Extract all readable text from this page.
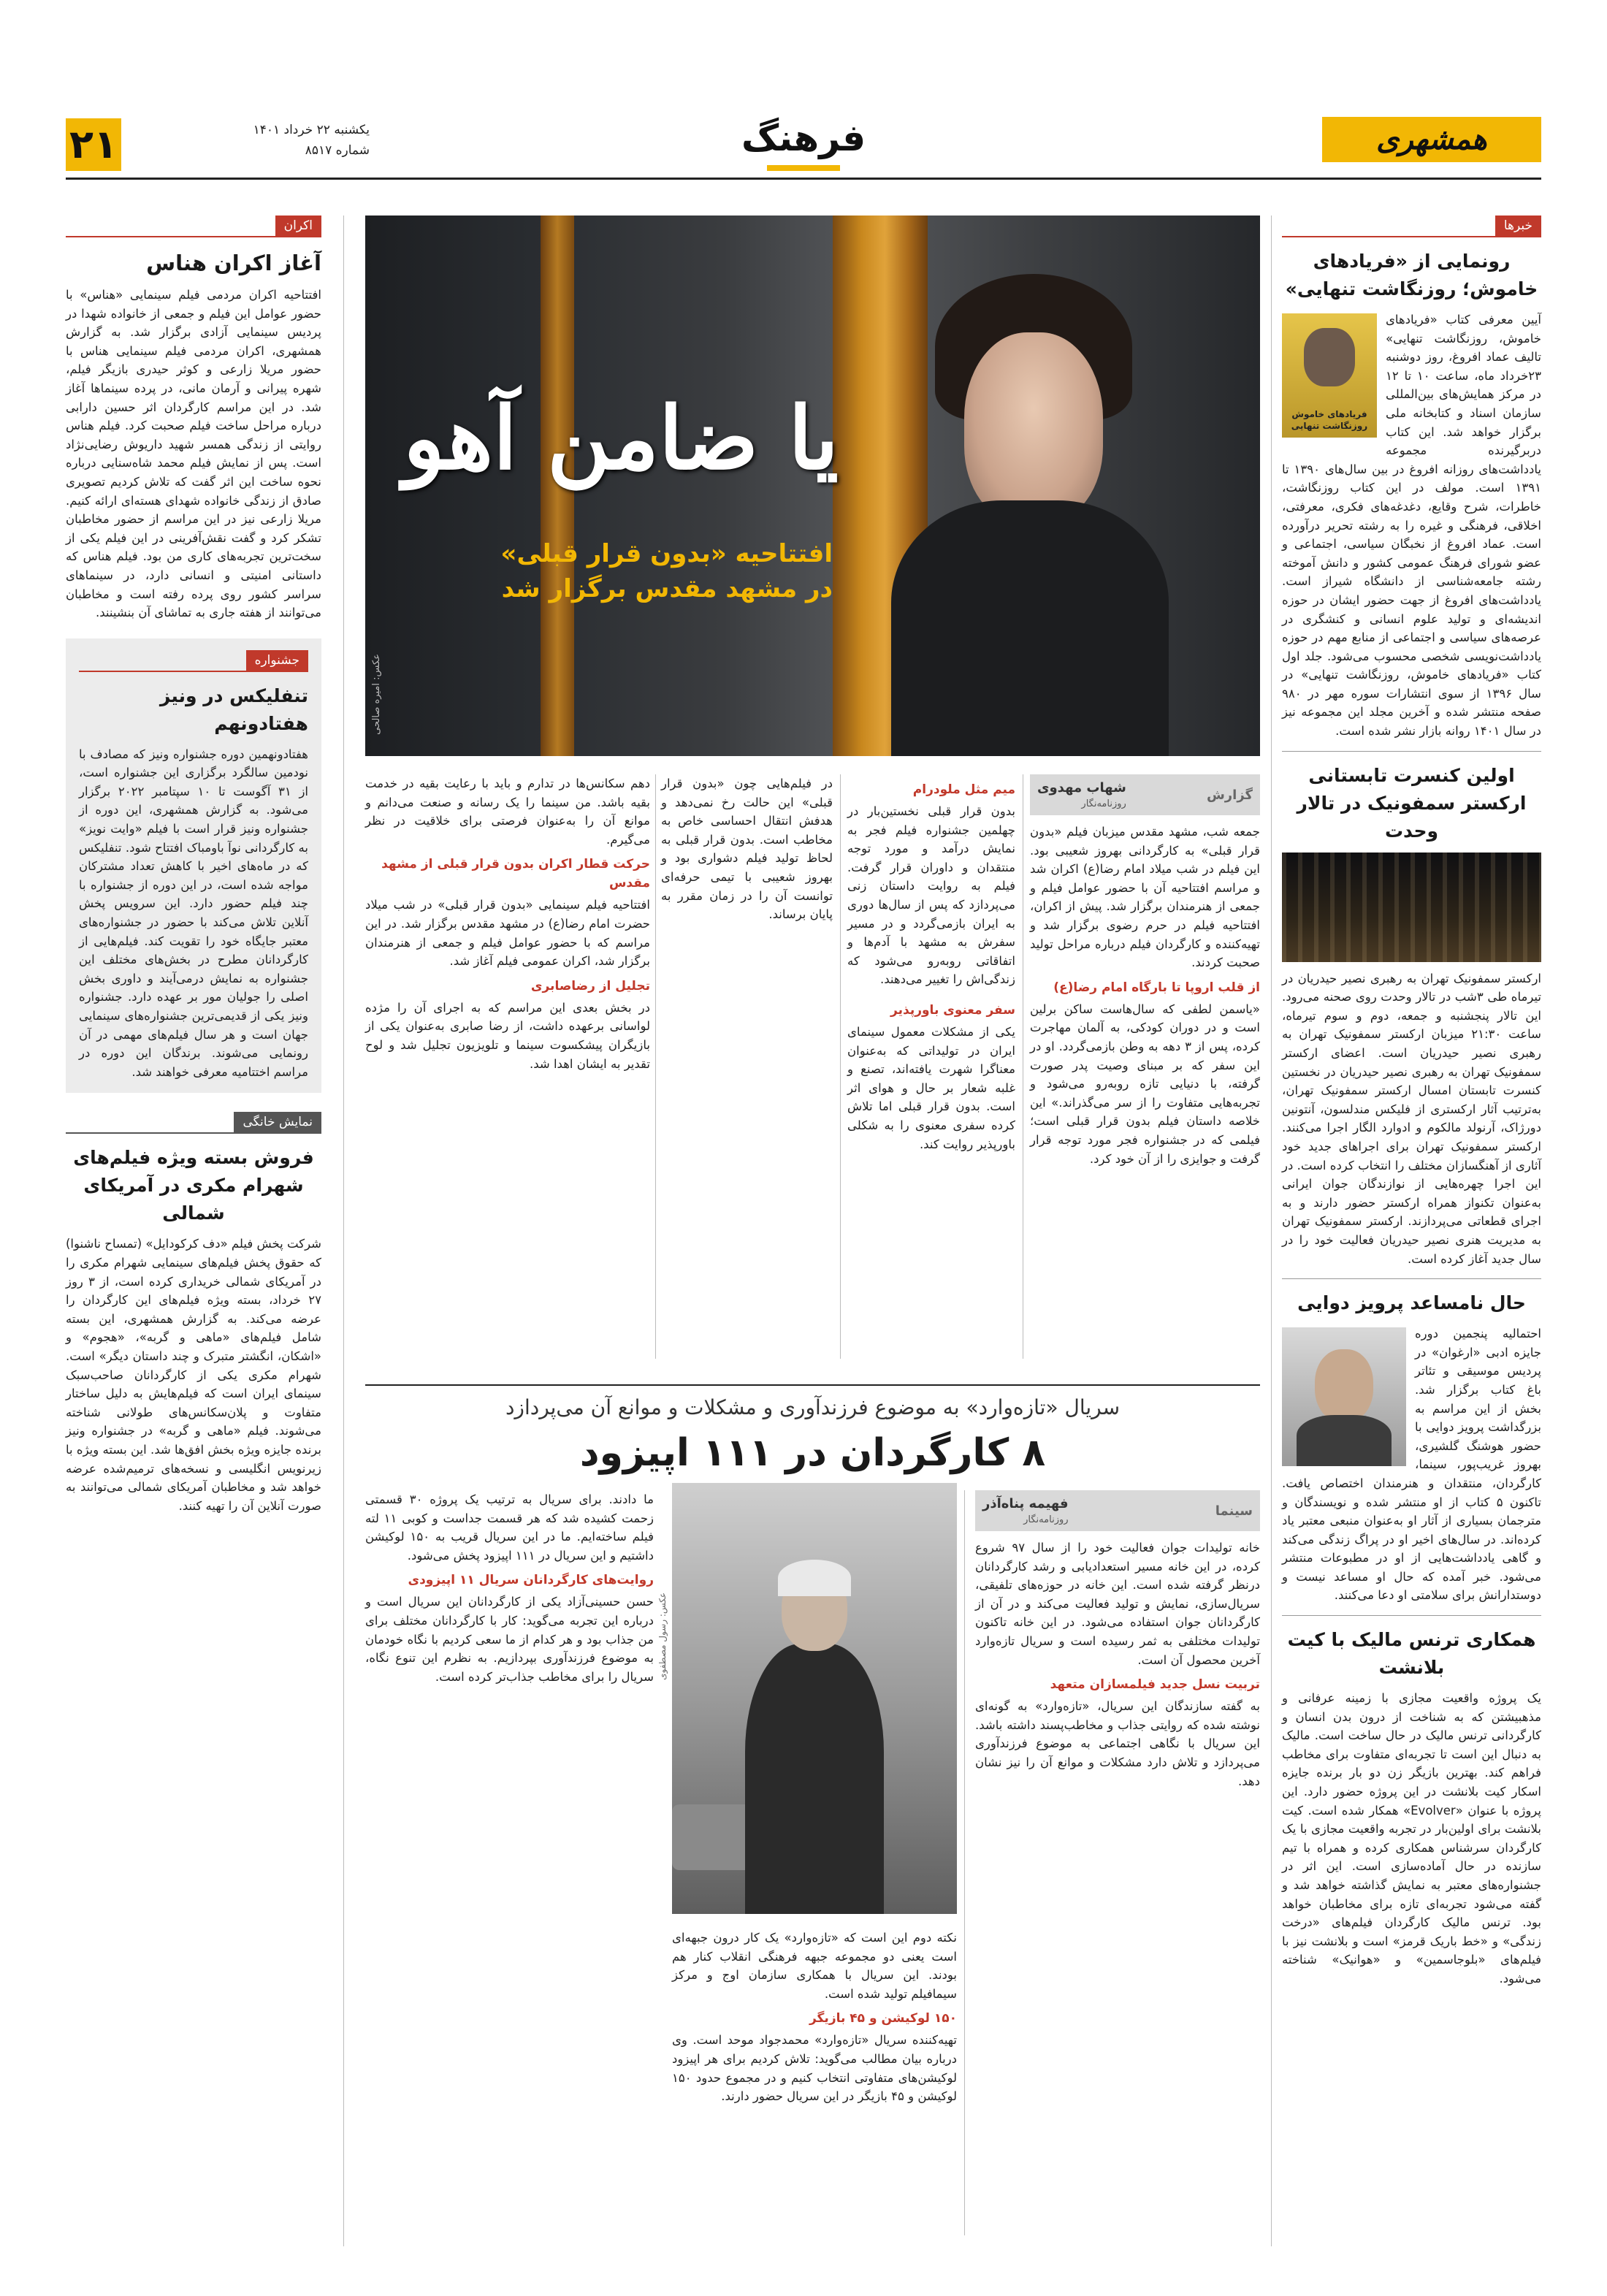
۲۱	یکشنبه ۲۲ خرداد ۱۴۰۱
شماره ۸۵۱۷	فرهنگ	همشهری
خبرها
رونمایی از «فریادهای خاموش؛ روزنگاشت تنهایی»
فریادهای خاموش روزنگاشت تنهایی

آیین معرفی کتاب «فریادهای خاموش، روزنگاشت تنهایی» تالیف عماد افروغ، روز دوشنبه ۲۳خرداد ماه، ساعت ۱۰ تا ۱۲ در مرکز همایش‌های بین‌المللی سازمان اسناد و کتابخانه ملی برگزار خواهد شد. این کتاب دربرگیرنده مجموعه یادداشت‌های روزانه افروغ در بین سال‌های ۱۳۹۰ تا ۱۳۹۱ است. مولف در این کتاب روزنگاشت، خاطرات، شرح وقایع، دغدغه‌های فکری، معرفتی، اخلاقی، فرهنگی و غیره را به رشته تحریر درآورده است. عماد افروغ از نخبگان سیاسی، اجتماعی و عضو شورای فرهنگ عمومی کشور و دانش آموخته رشته جامعه‌شناسی از دانشگاه شیراز است. یادداشت‌های افروغ از جهت حضور ایشان در حوزه اندیشه‌ای و تولید علوم انسانی و کنشگری در عرصه‌های سیاسی و اجتماعی از منابع مهم در حوزه یادداشت‌نویسی شخصی محسوب می‌شود. جلد اول کتاب «فریادهای خاموش، روزنگاشت تنهایی» در سال ۱۳۹۶ از سوی انتشارات سوره مهر در ۹۸۰ صفحه منتشر شده و آخرین مجلد این مجموعه نیز در سال ۱۴۰۱ روانه بازار نشر شده است.

اولین کنسرت تابستانی ارکستر سمفونیک در تالار وحدت

ارکستر سمفونیک تهران به رهبری نصیر حیدریان در تیرماه طی ۳شب در تالار وحدت روی صحنه می‌رود. این تالار پنجشنبه و جمعه، دوم و سوم تیرماه، ساعت ۲۱:۳۰ میزبان ارکستر سمفونیک تهران به رهبری نصیر حیدریان است. اعضای ارکستر سمفونیک تهران به رهبری نصیر حیدریان در نخستین کنسرت تابستان امسال ارکستر سمفونیک تهران، به‌ترتیب آثار ارکستری از فلیکس مندلسون، آنتونین دورژاک، آرنولد مالکوم و ادوارد الگار اجرا می‌کنند. ارکستر سمفونیک تهران برای اجراهای جدید خود آثاری از آهنگسازان مختلف را انتخاب کرده است. در این اجرا چهره‌هایی از نوازندگان جوان ایرانی به‌عنوان تکنواز همراه ارکستر حضور دارند و به اجرای قطعاتی می‌پردازند. ارکستر سمفونیک تهران به مدیریت هنری نصیر حیدریان فعالیت خود را در سال جدید آغاز کرده است.

حال نامساعد پرویز دوایی

احتمالیه پنجمین دوره جایزه ادبی «ارغوان» در پردیس موسیقی و تئاتر باغ کتاب برگزار شد. بخش از این مراسم به بزرگداشت پرویز دوایی با حضور هوشنگ گلشیری، بهروز غریب‌پور، سینما، کارگردان، منتقدان و هنرمندان اختصاص یافت. تاکنون ۵ کتاب از او منتشر شده و نویسندگان و مترجمان بسیاری از آثار او به‌عنوان منبعی معتبر یاد کرده‌اند. در سال‌های اخیر او در پراگ زندگی می‌کند و گاهی یادداشت‌هایی از او در مطبوعات منتشر می‌شود. خبر آمده که حال او مساعد نیست و دوستدارانش برای سلامتی او دعا می‌کنند.

همکاری ترنس مالیک با کیت بلانشت

یک پروژه واقعیت مجازی با زمینه عرفانی و مذهبیشتن که به شناخت از درون بدن انسان و کارگردانی ترنس مالیک در حال ساخت است. مالیک به دنبال این است تا تجربه‌ای متفاوت برای مخاطب فراهم کند. بهترین بازیگر زن دو بار برنده جایزه اسکار کیت بلانشت در این پروژه حضور دارد. این پروژه با عنوان «Evolver» همکار شده است. کیت بلانشت برای اولین‌بار در تجربه واقعیت مجازی با یک کارگردان سرشناس همکاری کرده و همراه با تیم سازنده در حال آماده‌سازی است. این اثر در جشنواره‌های معتبر به نمایش گذاشته خواهد شد و گفته می‌شود تجربه‌ای تازه برای مخاطبان خواهد بود. ترنس مالیک کارگردان فیلم‌های «درخت زندگی» و «خط باریک قرمز» است و بلانشت نیز با فیلم‌های «بلوجاسمین» و «هوانیک» شناخته می‌شود.

اکران
آغاز اکران هناس

افتتاحیه اکران مردمی فیلم سینمایی «هناس» با حضور عوامل این فیلم و جمعی از خانواده شهدا در پردیس سینمایی آزادی برگزار شد. به گزارش همشهری، اکران مردمی فیلم سینمایی هناس با حضور مریلا زارعی و کوثر حیدری بازیگر فیلم، شهره پیرانی و آرمان مانی، در پرده سینماها آغاز شد. در این مراسم کارگردان اثر حسین دارابی درباره مراحل ساخت فیلم صحبت کرد. فیلم هناس روایتی از زندگی همسر شهید داریوش رضایی‌نژاد است. پس از نمایش فیلم محمد شاه‌سنایی درباره نحوه ساخت این اثر گفت که تلاش کردیم تصویری صادق از زندگی خانواده شهدای هسته‌ای ارائه کنیم. مریلا زارعی نیز در این مراسم از حضور مخاطبان تشکر کرد و گفت نقش‌آفرینی در این فیلم یکی از سخت‌ترین تجربه‌های کاری من بود. فیلم هناس که داستانی امنیتی و انسانی دارد، در سینماهای سراسر کشور روی پرده رفته است و مخاطبان می‌توانند از هفته جاری به تماشای آن بنشینند.

جشنواره
تنفلیکس در ونیز هفتادونهم

هفتادونهمین دوره جشنواره ونیز که مصادف با نودمین سالگرد برگزاری این جشنواره است، از ۳۱ آگوست تا ۱۰ سپتامبر ۲۰۲۲ برگزار می‌شود. به گزارش همشهری، این دوره از جشنواره ونیز قرار است با فیلم «وایت نویز» به کارگردانی نوآ باومباک افتتاح شود. تنفلیکس که در ماه‌های اخیر با کاهش تعداد مشترکان مواجه شده است، در این دوره از جشنواره با چند فیلم حضور دارد. این سرویس پخش آنلاین تلاش می‌کند با حضور در جشنواره‌های معتبر جایگاه خود را تقویت کند. فیلم‌هایی از کارگردانان مطرح در بخش‌های مختلف این جشنواره به نمایش درمی‌آیند و داوری بخش اصلی را جولیان مور بر عهده دارد. جشنواره ونیز یکی از قدیمی‌ترین جشنواره‌های سینمایی جهان است و هر سال فیلم‌های مهمی در آن رونمایی می‌شوند. برندگان این دوره در مراسم اختتامیه معرفی خواهند شد.

نمایش خانگی
فروش بسته ویژه فیلم‌های شهرام مکری در آمریکای شمالی

شرکت پخش فیلم «دف کرکودایل» (تمساح ناشنوا) که حقوق پخش فیلم‌های سینمایی شهرام مکری را در آمریکای شمالی خریداری کرده است، از ۳ روز ۲۷ خرداد، بسته ویژه فیلم‌های این کارگردان را عرضه می‌کند. به گزارش همشهری، این بسته شامل فیلم‌های «ماهی و گربه»، «هجوم» و «اشکان، انگشتر متبرک و چند داستان دیگر» است. شهرام مکری یکی از کارگردانان صاحب‌سبک سینمای ایران است که فیلم‌هایش به دلیل ساختار متفاوت و پلان‌سکانس‌های طولانی شناخته می‌شوند. فیلم «ماهی و گربه» در جشنواره ونیز برنده جایزه ویژه بخش افق‌ها شد. این بسته ویژه با زیرنویس انگلیسی و نسخه‌های ترمیم‌شده عرضه خواهد شد و مخاطبان آمریکای شمالی می‌توانند به صورت آنلاین آن را تهیه کنند.

یا ضامن آهو
افتتاحیه «بدون قرار قبلی»
در مشهد مقدس برگزار شد
عکس: امیره صالحی
گزارش
شهاب مهدوی
روزنامه‌نگار

جمعه شب، مشهد مقدس میزبان فیلم «بدون قرار قبلی» به کارگردانی بهروز شعیبی بود. این فیلم در شب میلاد امام رضا(ع) اکران شد و مراسم افتتاحیه آن با حضور عوامل فیلم و جمعی از هنرمندان برگزار شد. پیش از اکران، افتتاحیه فیلم در حرم رضوی برگزار شد و تهیه‌کننده و کارگردان فیلم درباره مراحل تولید صحبت کردند.

از قلب اروپا تا بارگاه امام رضا(ع)

«یاسمن لطفی که سال‌هاست ساکن برلین است و در دوران کودکی، به آلمان مهاجرت کرده، پس از ۳ دهه به وطن بازمی‌گردد. او در این سفر که بر مبنای وصیت پدر صورت گرفته، با دنیایی تازه روبه‌رو می‌شود و تجربه‌هایی متفاوت را از سر می‌گذراند.» این خلاصه داستان فیلم بدون قرار قبلی است؛ فیلمی که در جشنواره فجر مورد توجه قرار گرفت و جوایزی را از آن خود کرد.

میم مثل ملودرام

بدون قرار قبلی نخستین‌بار در چهلمین جشنواره فیلم فجر به نمایش درآمد و مورد توجه منتقدان و داوران قرار گرفت. فیلم به روایت داستان زنی می‌پردازد که پس از سال‌ها دوری به ایران بازمی‌گردد و در مسیر سفرش به مشهد با آدم‌ها و اتفاقاتی روبه‌رو می‌شود که زندگی‌اش را تغییر می‌دهند.

سفر معنوی باورپذیر

یکی از مشکلات معمول سینمای ایران در تولیداتی که به‌عنوان معناگرا شهرت یافته‌اند، تصنع و غلبه شعار بر حال و هوای اثر است. بدون قرار قبلی اما تلاش کرده سفری معنوی را به شکلی باورپذیر روایت کند.

در فیلم‌هایی چون «بدون قرار قبلی» این حالت رخ نمی‌دهد و هدفش انتقال احساسی خاص به مخاطب است. بدون قرار قبلی به لحاظ تولید فیلم دشواری بود و بهروز شعیبی با تیمی حرفه‌ای توانست آن را در زمان مقرر به پایان برساند.

دهم سکانس‌ها در تدارم و باید با رعایت بقیه در خدمت بقیه باشد. من سینما را یک رسانه و صنعت می‌دانم و موانع آن را به‌عنوان فرصتی برای خلاقیت در نظر می‌گیرم.

حرکت قطار اکران بدون قرار قبلی از مشهد مقدس

افتتاحیه فیلم سینمایی «بدون قرار قبلی» در شب میلاد حضرت امام رضا(ع) در مشهد مقدس برگزار شد. در این مراسم که با حضور عوامل فیلم و جمعی از هنرمندان برگزار شد، اکران عمومی فیلم آغاز شد.

تجلیل از رضاصابری

در بخش بعدی این مراسم که به اجرای آن را مژده لواسانی برعهده داشت، از رضا صابری به‌عنوان یکی از بازیگران پیشکسوت سینما و تلویزیون تجلیل شد و لوح تقدیر به ایشان اهدا شد.

سریال «تازه‌وارد» به موضوع فرزندآوری و مشکلات و موانع آن می‌پردازد
۸ کارگردان در ۱۱۱ اپیزود
سینما
فهیمه پناه‌آذر
روزنامه‌نگار

خانه تولیدات جوان فعالیت خود را از سال ۹۷ شروع کرده، در این خانه مسیر استعدادیابی و رشد کارگردانان درنظر گرفته شده است. این خانه در حوزه‌های تلفیقی، سریال‌سازی، نمایش و تولید فعالیت می‌کند و در آن از کارگردانان جوان استفاده می‌شود. در این خانه تاکنون تولیدات مختلفی به ثمر رسیده است و سریال تازه‌وارد آخرین محصول آن است.

تربیت نسل جدید فیلمسازان متعهد

به گفته سازندگان این سریال، «تازه‌وارد» به گونه‌ای نوشته شده که روایتی جذاب و مخاطب‌پسند داشته باشد. این سریال با نگاهی اجتماعی به موضوع فرزندآوری می‌پردازد و تلاش دارد مشکلات و موانع آن را نیز نشان دهد.

عکس: رسول مصطفوی

نکته دوم این است که «تازه‌وارد» یک کار درون جبهه‌ای است یعنی دو مجموعه جبهه فرهنگی انقلاب کنار هم بودند. این سریال با همکاری سازمان اوج و مرکز سیمافیلم تولید شده است.

۱۵۰ لوکیشن و ۴۵ بازیگر

تهیه‌کننده سریال «تازه‌وارد» محمدجواد موحد است. وی درباره بیان مطالب می‌گوید: تلاش کردیم برای هر اپیزود لوکیشن‌های متفاوتی انتخاب کنیم و در مجموع حدود ۱۵۰ لوکیشن و ۴۵ بازیگر در این سریال حضور دارند.

ما دادند. برای سریال به ترتیب یک پروژه ۳۰ قسمتی زحمت کشیده شد که هر قسمت جداست و کوبی ۱۱ لته فیلم ساخته‌ایم. ما در این سریال قریب به ۱۵۰ لوکیشن داشتیم و این سریال در ۱۱۱ اپیزود پخش می‌شود.

روایت‌های کارگردانان سریال ۱۱ اپیزودی

حسن حسینی‌آزاد یکی از کارگردانان این سریال است و درباره این تجربه می‌گوید: کار با کارگردانان مختلف برای من جذاب بود و هر کدام از ما سعی کردیم با نگاه خودمان به موضوع فرزندآوری بپردازیم. به نظرم این تنوع نگاه، سریال را برای مخاطب جذاب‌تر کرده است.
